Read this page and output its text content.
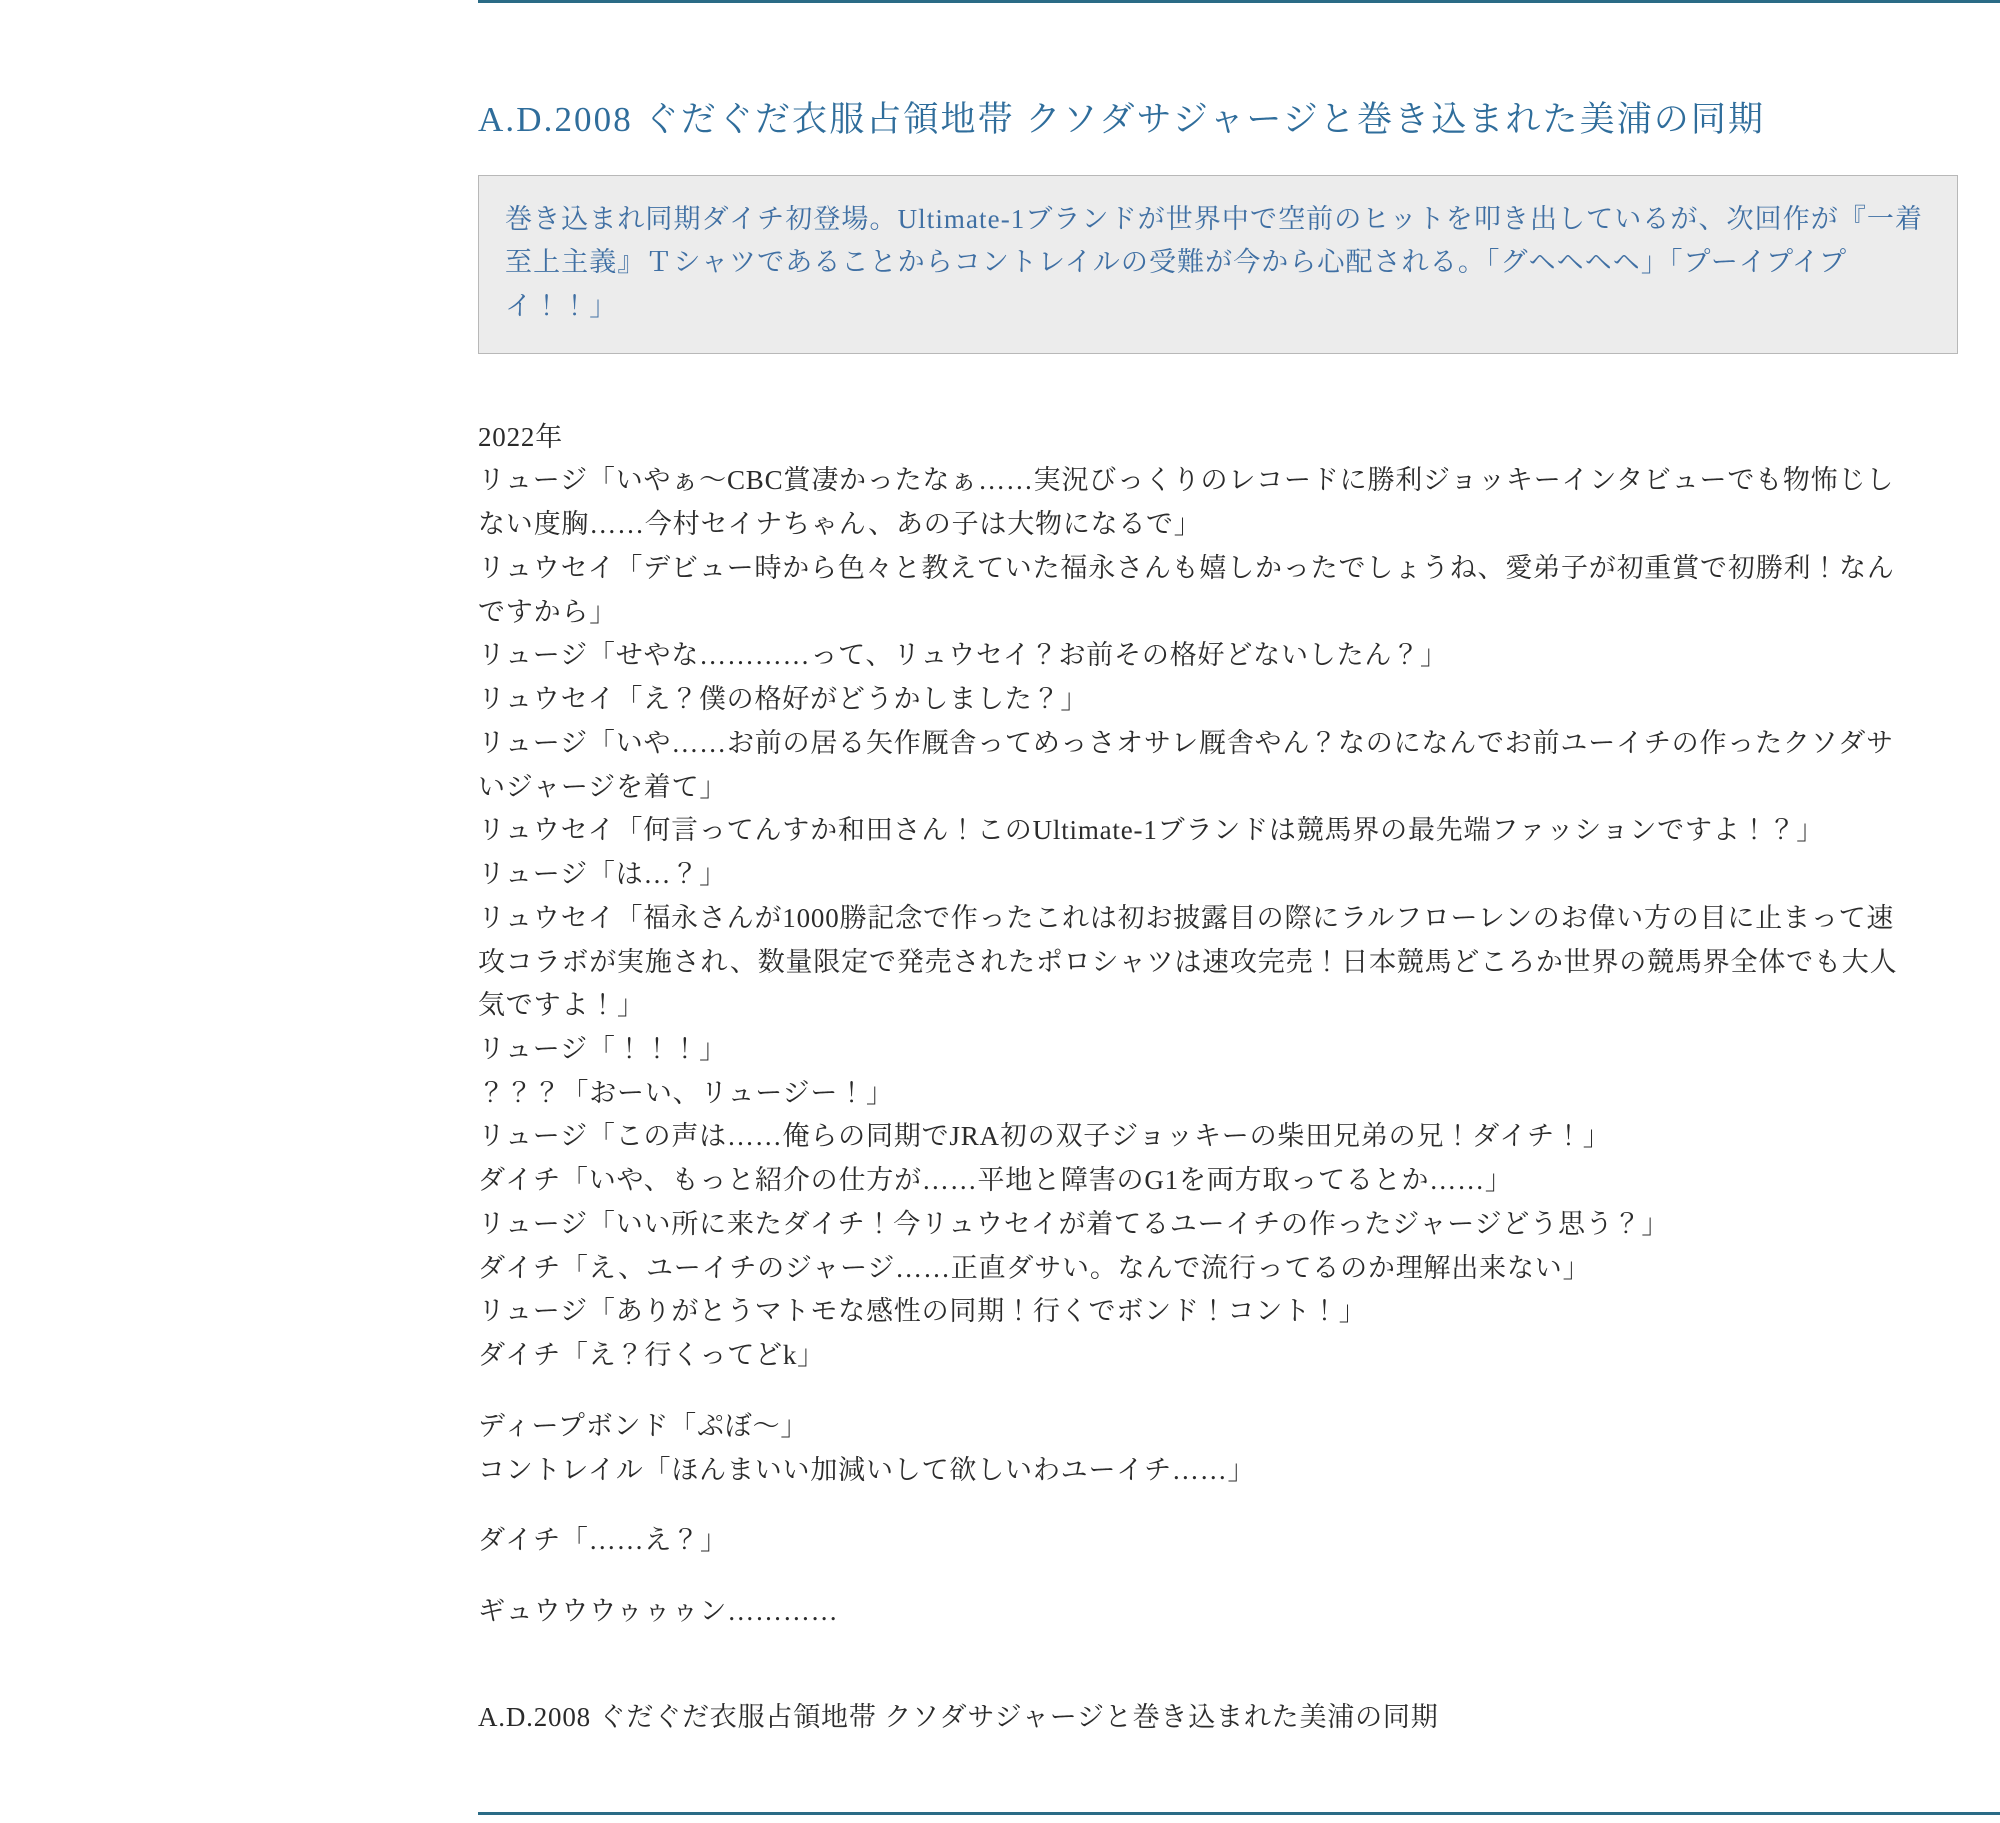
A.D.2008 ぐだぐだ衣服占領地帯 クソダサジャージと巻き込まれた美浦の同期

巻き込まれ同期ダイチ初登場。Ultimate-1ブランドが世界中で空前のヒットを叩き出しているが、次回作が『一着至上主義』Ｔシャツであることからコントレイルの受難が今から心配される。「グヘヘヘヘ」「プーイプイプイ！！」

2022年

リュージ「いやぁ〜CBC賞凄かったなぁ……実況びっくりのレコードに勝利ジョッキーインタビューでも物怖じしない度胸……今村セイナちゃん、あの子は大物になるで」

リュウセイ「デビュー時から色々と教えていた福永さんも嬉しかったでしょうね、愛弟子が初重賞で初勝利！なんですから」

リュージ「せやな…………って、リュウセイ？お前その格好どないしたん？」

リュウセイ「え？僕の格好がどうかしました？」

リュージ「いや……お前の居る矢作厩舎ってめっさオサレ厩舎やん？なのになんでお前ユーイチの作ったクソダサいジャージを着て」

リュウセイ「何言ってんすか和田さん！このUltimate-1ブランドは競馬界の最先端ファッションですよ！？」

リュージ「は…？」

リュウセイ「福永さんが1000勝記念で作ったこれは初お披露目の際にラルフローレンのお偉い方の目に止まって速攻コラボが実施され、数量限定で発売されたポロシャツは速攻完売！日本競馬どころか世界の競馬界全体でも大人気ですよ！」

リュージ「！！！」

？？？「おーい、リュージー！」

リュージ「この声は……俺らの同期でJRA初の双子ジョッキーの柴田兄弟の兄！ダイチ！」

ダイチ「いや、もっと紹介の仕方が……平地と障害のG1を両方取ってるとか……」

リュージ「いい所に来たダイチ！今リュウセイが着てるユーイチの作ったジャージどう思う？」

ダイチ「え、ユーイチのジャージ……正直ダサい。なんで流行ってるのか理解出来ない」

リュージ「ありがとうマトモな感性の同期！行くでボンド！コント！」

ダイチ「え？行くってどk」

ディープボンド「ぷぼ〜」

コントレイル「ほんまいい加減いして欲しいわユーイチ……」

ダイチ「……え？」

ギュウウウゥゥゥン…………

A.D.2008 ぐだぐだ衣服占領地帯 クソダサジャージと巻き込まれた美浦の同期
